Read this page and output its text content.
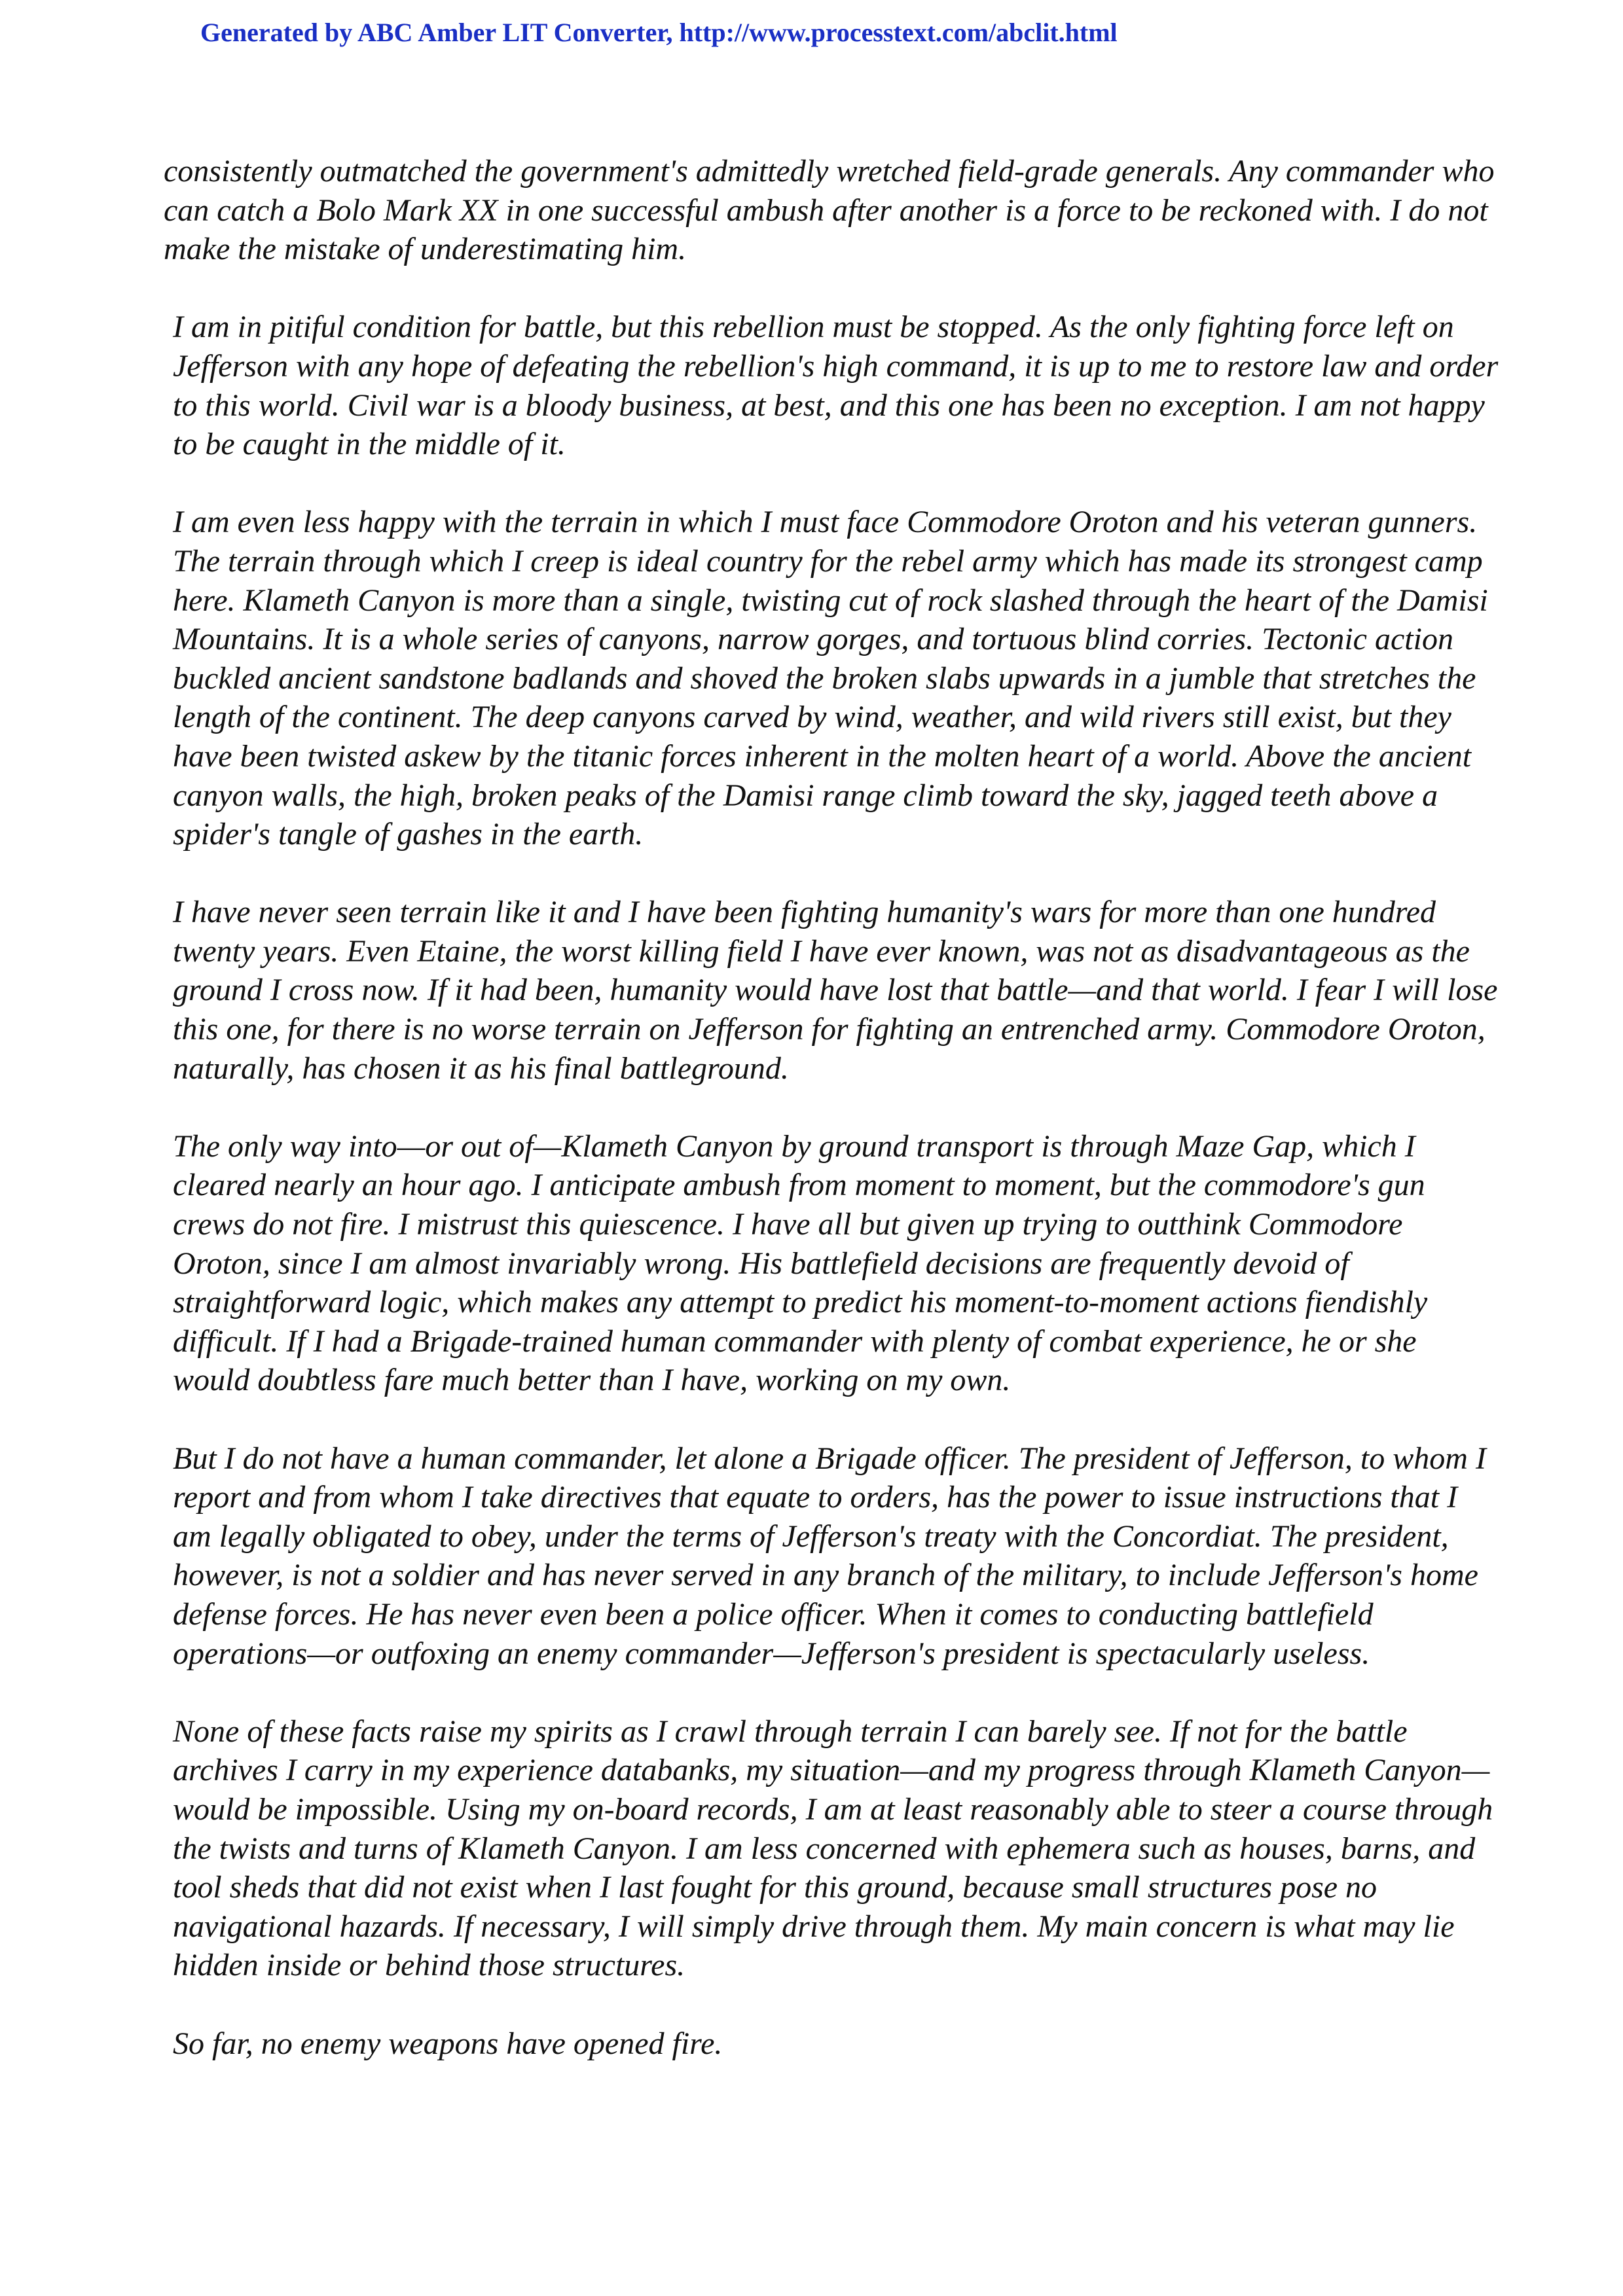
Generated by ABC Amber LIT Converter, http://www.processtext.com/abclit.html

consistently outmatched the government's admittedly wretched field-grade generals. Any commander who can catch a Bolo Mark XX in one successful ambush after another is a force to be reckoned with. I do not make the mistake of underestimating him.

I am in pitiful condition for battle, but this rebellion must be stopped. As the only fighting force left on Jefferson with any hope of defeating the rebellion's high command, it is up to me to restore law and order to this world. Civil war is a bloody business, at best, and this one has been no exception. I am not happy to be caught in the middle of it.

I am even less happy with the terrain in which I must face Commodore Oroton and his veteran gunners. The terrain through which I creep is ideal country for the rebel army which has made its strongest camp here. Klameth Canyon is more than a single, twisting cut of rock slashed through the heart of the Damisi Mountains. It is a whole series of canyons, narrow gorges, and tortuous blind corries. Tectonic action buckled ancient sandstone badlands and shoved the broken slabs upwards in a jumble that stretches the length of the continent. The deep canyons carved by wind, weather, and wild rivers still exist, but they have been twisted askew by the titanic forces inherent in the molten heart of a world. Above the ancient canyon walls, the high, broken peaks of the Damisi range climb toward the sky, jagged teeth above a spider's tangle of gashes in the earth.

I have never seen terrain like it and I have been fighting humanity's wars for more than one hundred twenty years. Even Etaine, the worst killing field I have ever known, was not as disadvantageous as the ground I cross now. If it had been, humanity would have lost that battle—and that world. I fear I will lose this one, for there is no worse terrain on Jefferson for fighting an entrenched army. Commodore Oroton, naturally, has chosen it as his final battleground.

The only way into—or out of—Klameth Canyon by ground transport is through Maze Gap, which I cleared nearly an hour ago. I anticipate ambush from moment to moment, but the commodore's gun crews do not fire. I mistrust this quiescence. I have all but given up trying to outthink Commodore Oroton, since I am almost invariably wrong. His battlefield decisions are frequently devoid of straightforward logic, which makes any attempt to predict his moment-to-moment actions fiendishly difficult. If I had a Brigade-trained human commander with plenty of combat experience, he or she would doubtless fare much better than I have, working on my own.

But I do not have a human commander, let alone a Brigade officer. The president of Jefferson, to whom I report and from whom I take directives that equate to orders, has the power to issue instructions that I am legally obligated to obey, under the terms of Jefferson's treaty with the Concordiat. The president, however, is not a soldier and has never served in any branch of the military, to include Jefferson's home defense forces. He has never even been a police officer. When it comes to conducting battlefield operations—or outfoxing an enemy commander—Jefferson's president is spectacularly useless.

None of these facts raise my spirits as I crawl through terrain I can barely see. If not for the battle archives I carry in my experience databanks, my situation—and my progress through Klameth Canyon—would be impossible. Using my on-board records, I am at least reasonably able to steer a course through the twists and turns of Klameth Canyon. I am less concerned with ephemera such as houses, barns, and tool sheds that did not exist when I last fought for this ground, because small structures pose no navigational hazards. If necessary, I will simply drive through them. My main concern is what may lie hidden inside or behind those structures.

So far, no enemy weapons have opened fire.
